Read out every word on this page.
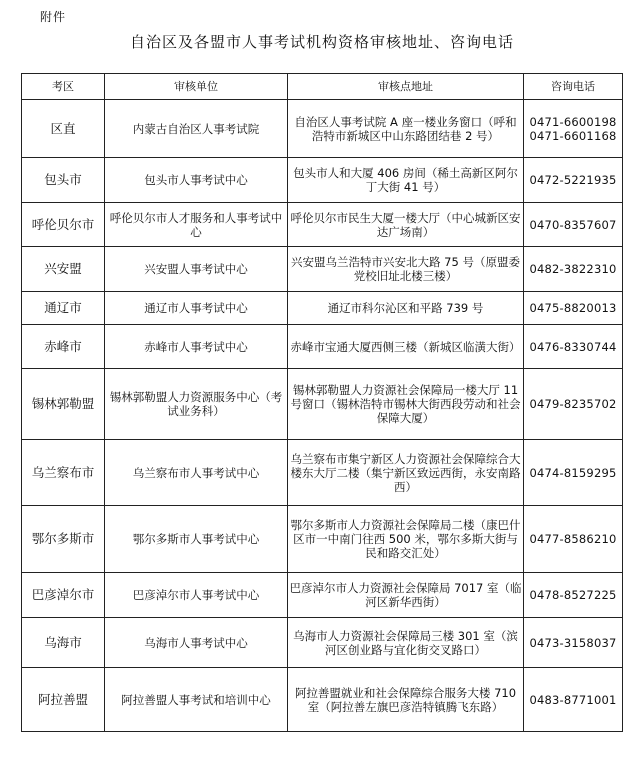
附件
自治区及各盟市人事考试机构资格审核地址、咨询电话
考区	审核单位	审核点地址	咨询电话
区直	内蒙古自治区人事考试院	自治区人事考试院 A 座一楼业务窗口（呼和浩特市新城区中山东路团结巷 2 号）	0471-6600198
0471-6601168

包头市	包头市人事考试中心	包头市人和大厦 406 房间（稀土高新区阿尔丁大街 41 号）	0472-5221935

呼伦贝尔市	呼伦贝尔市人才服务和人事考试中心	呼伦贝尔市民生大厦一楼大厅（中心城新区安达广场南）	0470-8357607

兴安盟	兴安盟人事考试中心	兴安盟乌兰浩特市兴安北大路 75 号（原盟委党校旧址北楼三楼）	0482-3822310

通辽市	通辽市人事考试中心	通辽市科尔沁区和平路 739 号	0475-8820013

赤峰市	赤峰市人事考试中心	赤峰市宝通大厦西侧三楼（新城区临潢大街）	0476-8330744

锡林郭勒盟	锡林郭勒盟人力资源服务中心（考试业务科）	锡林郭勒盟人力资源社会保障局一楼大厅 11 号窗口（锡林浩特市锡林大街西段劳动和社会保障大厦）	0479-8235702

乌兰察布市	乌兰察布市人事考试中心	乌兰察布市集宁新区人力资源社会保障综合大楼东大厅二楼（集宁新区致远西街，永安南路西）	0474-8159295

鄂尔多斯市	鄂尔多斯市人事考试中心	鄂尔多斯市人力资源社会保障局二楼（康巴什区市一中南门往西 500 米，鄂尔多斯大街与民和路交汇处）	0477-8586210

巴彦淖尔市	巴彦淖尔市人事考试中心	巴彦淖尔市人力资源社会保障局 7017 室（临河区新华西街）	0478-8527225

乌海市	乌海市人事考试中心	乌海市人力资源社会保障局三楼 301 室（滨河区创业路与宜化街交叉路口）	0473-3158037

阿拉善盟	阿拉善盟人事考试和培训中心	阿拉善盟就业和社会保障综合服务大楼 710 室（阿拉善左旗巴彦浩特镇腾飞东路）	0483-8771001
